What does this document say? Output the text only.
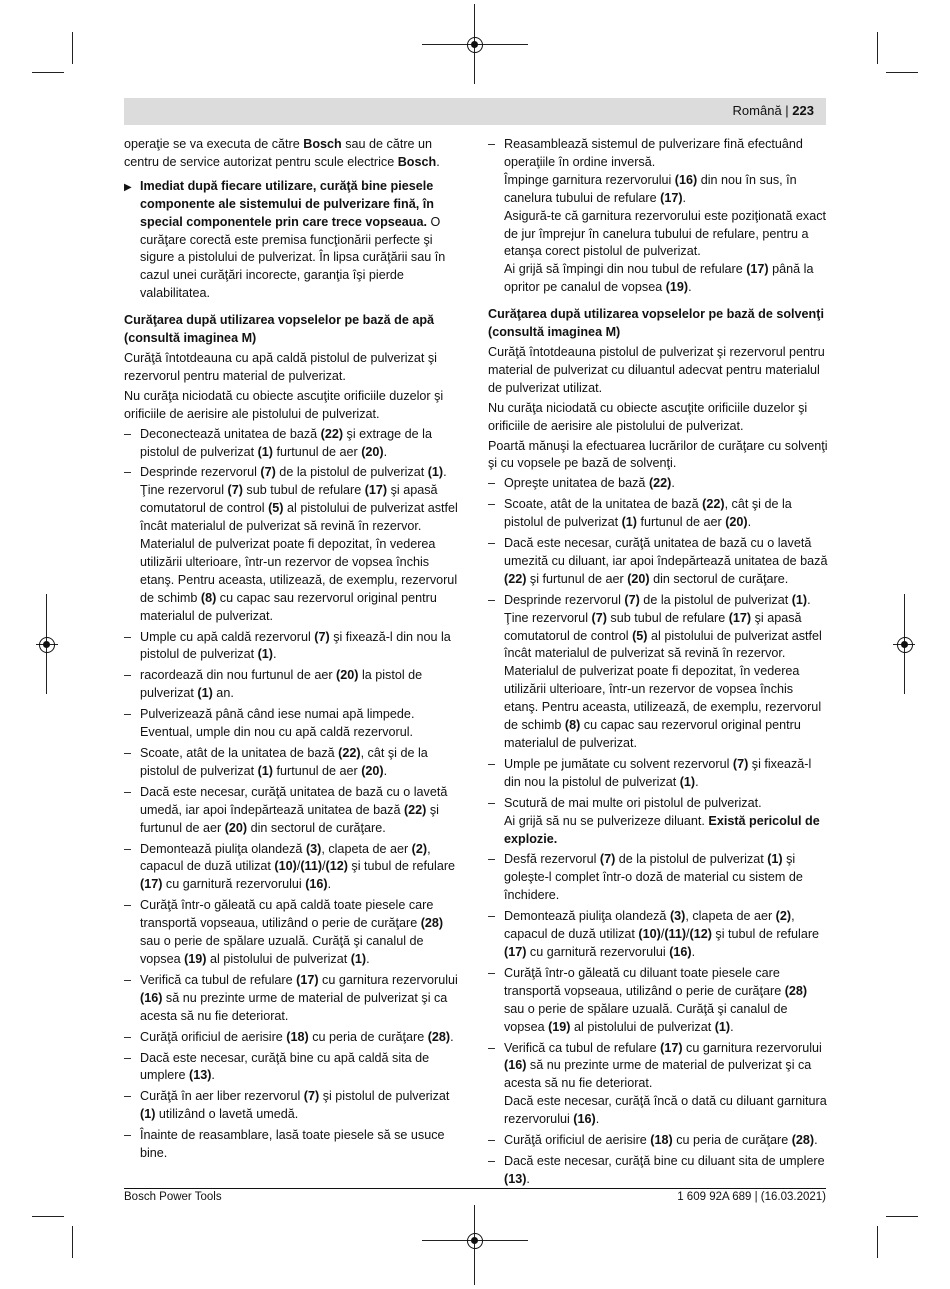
Română | 223

operaţie se va executa de către Bosch sau de către un centru de service autorizat pentru scule electrice Bosch.

▶ Imediat după fiecare utilizare, curăţă bine piesele componente ale sistemului de pulverizare fină, în special componentele prin care trece vopseaua. O curăţare corectă este premisa funcţionării perfecte şi sigure a pistolului de pulverizat. În lipsa curăţării sau în cazul unei curăţări incorecte, garanţia îşi pierde valabilitatea.

Curăţarea după utilizarea vopselelor pe bază de apă (consultă imaginea M)

Curăţă întotdeauna cu apă caldă pistolul de pulverizat şi rezervorul pentru material de pulverizat.

Nu curăţa niciodată cu obiecte ascuţite orificiile duzelor şi orificiile de aerisire ale pistolului de pulverizat.

– Deconectează unitatea de bază (22) şi extrage de la pistolul de pulverizat (1) furtunul de aer (20).
– Desprinde rezervorul (7) de la pistolul de pulverizat (1).
Ţine rezervorul (7) sub tubul de refulare (17) şi apasă comutatorul de control (5) al pistolului de pulverizat astfel încât materialul de pulverizat să revină în rezervor. Materialul de pulverizat poate fi depozitat, în vederea utilizării ulterioare, într-un rezervor de vopsea închis etanş. Pentru aceasta, utilizează, de exemplu, rezervorul de schimb (8) cu capac sau rezervorul original pentru materialul de pulverizat.
– Umple cu apă caldă rezervorul (7) şi fixează-l din nou la pistolul de pulverizat (1).
– racordează din nou furtunul de aer (20) la pistol de pulverizat (1) an.
– Pulverizează până când iese numai apă limpede. Eventual, umple din nou cu apă caldă rezervorul.
– Scoate, atât de la unitatea de bază (22), cât şi de la pistolul de pulverizat (1) furtunul de aer (20).
– Dacă este necesar, curăţă unitatea de bază cu o lavetă umedă, iar apoi îndepărtează unitatea de bază (22) şi furtunul de aer (20) din sectorul de curăţare.
– Demontează piuliţa olandeză (3), clapeta de aer (2), capacul de duză utilizat (10)/(11)/(12) şi tubul de refulare (17) cu garnitură rezervorului (16).
– Curăţă într-o găleată cu apă caldă toate piesele care transportă vopseaua, utilizând o perie de curăţare (28) sau o perie de spălare uzuală. Curăţă şi canalul de vopsea (19) al pistolului de pulverizat (1).
– Verifică ca tubul de refulare (17) cu garnitura rezervorului (16) să nu prezinte urme de material de pulverizat şi ca acesta să nu fie deteriorat.
– Curăţă orificiul de aerisire (18) cu peria de curăţare (28).
– Dacă este necesar, curăţă bine cu apă caldă sita de umplere (13).
– Curăţă în aer liber rezervorul (7) şi pistolul de pulverizat (1) utilizând o lavetă umedă.
– Înainte de reasamblare, lasă toate piesele să se usuce bine.
– Reasamblează sistemul de pulverizare fină efectuând operaţiile în ordine inversă.
Împinge garnitura rezervorului (16) din nou în sus, în canelura tubului de refulare (17).
Asigură-te că garnitura rezervorului este poziţionată exact de jur împrejur în canelura tubului de refulare, pentru a etanşa corect pistolul de pulverizat.
Ai grijă să împingi din nou tubul de refulare (17) până la opritor pe canalul de vopsea (19).

Curăţarea după utilizarea vopselelor pe bază de solvenţi (consultă imaginea M)

Curăţă întotdeauna pistolul de pulverizat şi rezervorul pentru material de pulverizat cu diluantul adecvat pentru materialul de pulverizat utilizat.

Nu curăţa niciodată cu obiecte ascuţite orificiile duzelor şi orificiile de aerisire ale pistolului de pulverizat.

Poartă mănuşi la efectuarea lucrărilor de curăţare cu solvenţi şi cu vopsele pe bază de solvenţi.

– Opreşte unitatea de bază (22).
– Scoate, atât de la unitatea de bază (22), cât şi de la pistolul de pulverizat (1) furtunul de aer (20).
– Dacă este necesar, curăţă unitatea de bază cu o lavetă umezită cu diluant, iar apoi îndepărtează unitatea de bază (22) şi furtunul de aer (20) din sectorul de curăţare.
– Desprinde rezervorul (7) de la pistolul de pulverizat (1).
Ţine rezervorul (7) sub tubul de refulare (17) şi apasă comutatorul de control (5) al pistolului de pulverizat astfel încât materialul de pulverizat să revină în rezervor. Materialul de pulverizat poate fi depozitat, în vederea utilizării ulterioare, într-un rezervor de vopsea închis etanş. Pentru aceasta, utilizează, de exemplu, rezervorul de schimb (8) cu capac sau rezervorul original pentru materialul de pulverizat.
– Umple pe jumătate cu solvent rezervorul (7) şi fixează-l din nou la pistolul de pulverizat (1).
– Scutură de mai multe ori pistolul de pulverizat.
Ai grijă să nu se pulverizeze diluant. Există pericolul de explozie.
– Desfă rezervorul (7) de la pistolul de pulverizat (1) şi goleşte-l complet într-o doză de material cu sistem de închidere.
– Demontează piuliţa olandeză (3), clapeta de aer (2), capacul de duză utilizat (10)/(11)/(12) şi tubul de refulare (17) cu garnitură rezervorului (16).
– Curăţă într-o găleată cu diluant toate piesele care transportă vopseaua, utilizând o perie de curăţare (28) sau o perie de spălare uzuală. Curăţă şi canalul de vopsea (19) al pistolului de pulverizat (1).
– Verifică ca tubul de refulare (17) cu garnitura rezervorului (16) să nu prezinte urme de material de pulverizat şi ca acesta să nu fie deteriorat.
Dacă este necesar, curăţă încă o dată cu diluant garnitura rezervorului (16).
– Curăţă orificiul de aerisire (18) cu peria de curăţare (28).
– Dacă este necesar, curăţă bine cu diluant sita de umplere (13).
Bosch Power Tools	1 609 92A 689 | (16.03.2021)
